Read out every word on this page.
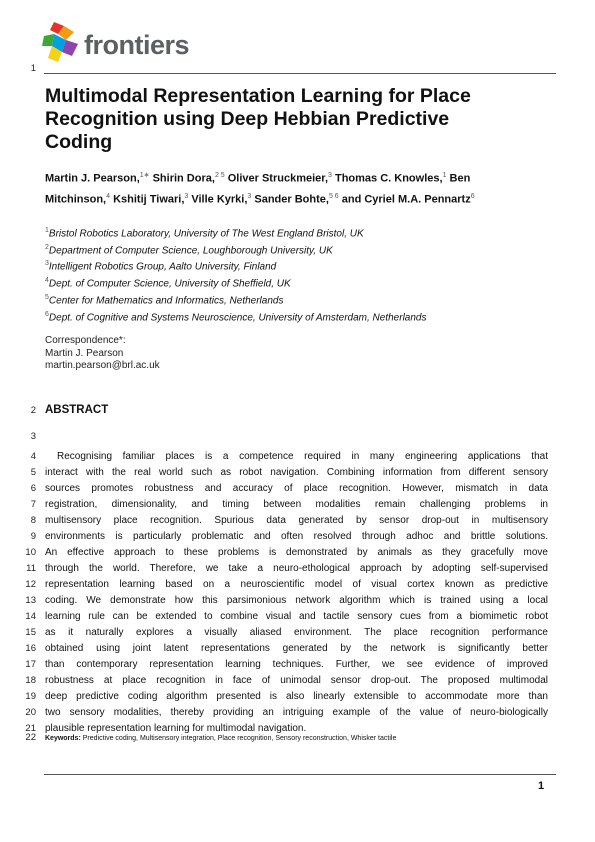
frontiers
1
2
3
4
5
6
7
8
9
10
11
12
13
14
15
16
17
18
19
20
21
22
Multimodal Representation Learning for Place Recognition using Deep Hebbian Predictive Coding
Martin J. Pearson,$^{1∗}$ Shirin Dora,$^{2 5}$ Oliver Struckmeier,$^3$ Thomas C. Knowles,$^1$ Ben Mitchinson,$^4$ Kshitij Tiwari,$^3$ Ville Kyrki,$^3$ Sander Bohte,$^{5 6}$ and Cyriel M.A. Pennartz$^6$
$^1$Bristol Robotics Laboratory, University of The West England Bristol, UK
$^2$Department of Computer Science, Loughborough University, UK
$^3$Intelligent Robotics Group, Aalto University, Finland
$^4$Dept. of Computer Science, University of Sheffield, UK
$^5$Center for Mathematics and Informatics, Netherlands
$^6$Dept. of Cognitive and Systems Neuroscience, University of Amsterdam, Netherlands
Correspondence*:
Martin J. Pearson
martin.pearson@brl.ac.uk
ABSTRACT
Recognising familiar places is a competence required in many engineering applications that
interact with the real world such as robot navigation. Combining information from different sensory
sources promotes robustness and accuracy of place recognition. However, mismatch in data
registration, dimensionality, and timing between modalities remain challenging problems in
multisensory place recognition. Spurious data generated by sensor drop-out in multisensory
environments is particularly problematic and often resolved through adhoc and brittle solutions.
An effective approach to these problems is demonstrated by animals as they gracefully move
through the world. Therefore, we take a neuro-ethological approach by adopting self-supervised
representation learning based on a neuroscientific model of visual cortex known as predictive
coding. We demonstrate how this parsimonious network algorithm which is trained using a local
learning rule can be extended to combine visual and tactile sensory cues from a biomimetic robot
as it naturally explores a visually aliased environment. The place recognition performance
obtained using joint latent representations generated by the network is significantly better
than contemporary representation learning techniques. Further, we see evidence of improved
robustness at place recognition in face of unimodal sensor drop-out. The proposed multimodal
deep predictive coding algorithm presented is also linearly extensible to accommodate more than
two sensory modalities, thereby providing an intriguing example of the value of neuro-biologically
plausible representation learning for multimodal navigation.
Keywords: Predictive coding, Multisensory integration, Place recognition, Sensory reconstruction, Whisker tactile
1
